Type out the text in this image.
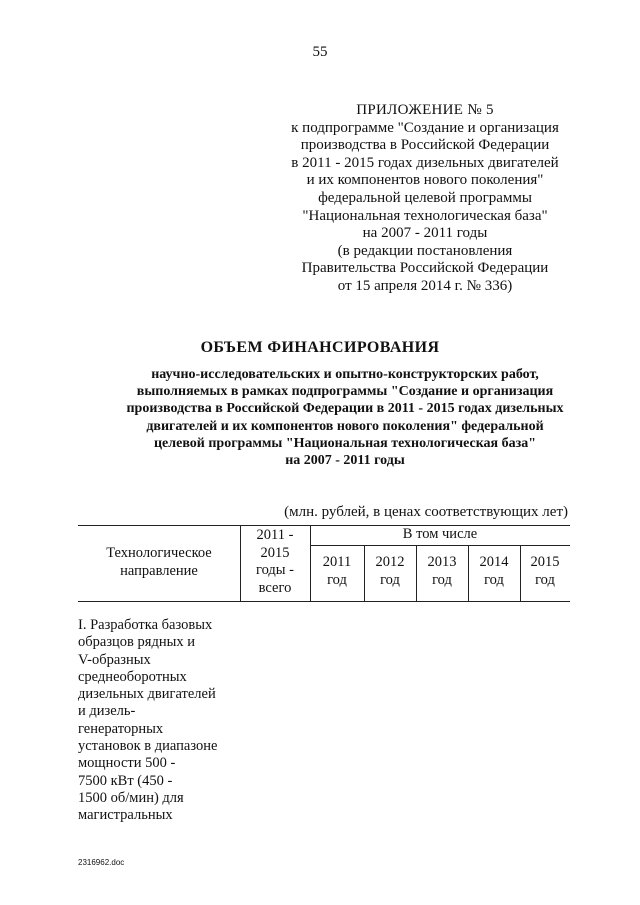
55
ПРИЛОЖЕНИЕ № 5
к подпрограмме "Создание и организация
производства в Российской Федерации
в 2011 - 2015 годах дизельных двигателей
и их компонентов нового поколения"
федеральной целевой программы
"Национальная технологическая база"
на 2007 - 2011 годы
(в редакции постановления
Правительства Российской Федерации
от 15 апреля 2014 г. № 336)
ОБЪЕМ ФИНАНСИРОВАНИЯ
научно-исследовательских и опытно-конструкторских работ,
выполняемых в рамках подпрограммы "Создание и организация
производства в Российской Федерации в 2011 - 2015 годах дизельных
двигателей и их компонентов нового поколения" федеральной
целевой программы "Национальная технологическая база"
на 2007 - 2011 годы
(млн. рублей, в ценах соответствующих лет)
Технологическое
направление
2011 -
2015
годы -
всего
В том числе
2011
год
2012
год
2013
год
2014
год
2015
год
I. Разработка базовых
образцов рядных и
V-образных
среднеоборотных
дизельных двигателей
и дизель-
генераторных
установок в диапазоне
мощности 500 -
7500 кВт (450 -
1500 об/мин) для
магистральных
2316962.doc
